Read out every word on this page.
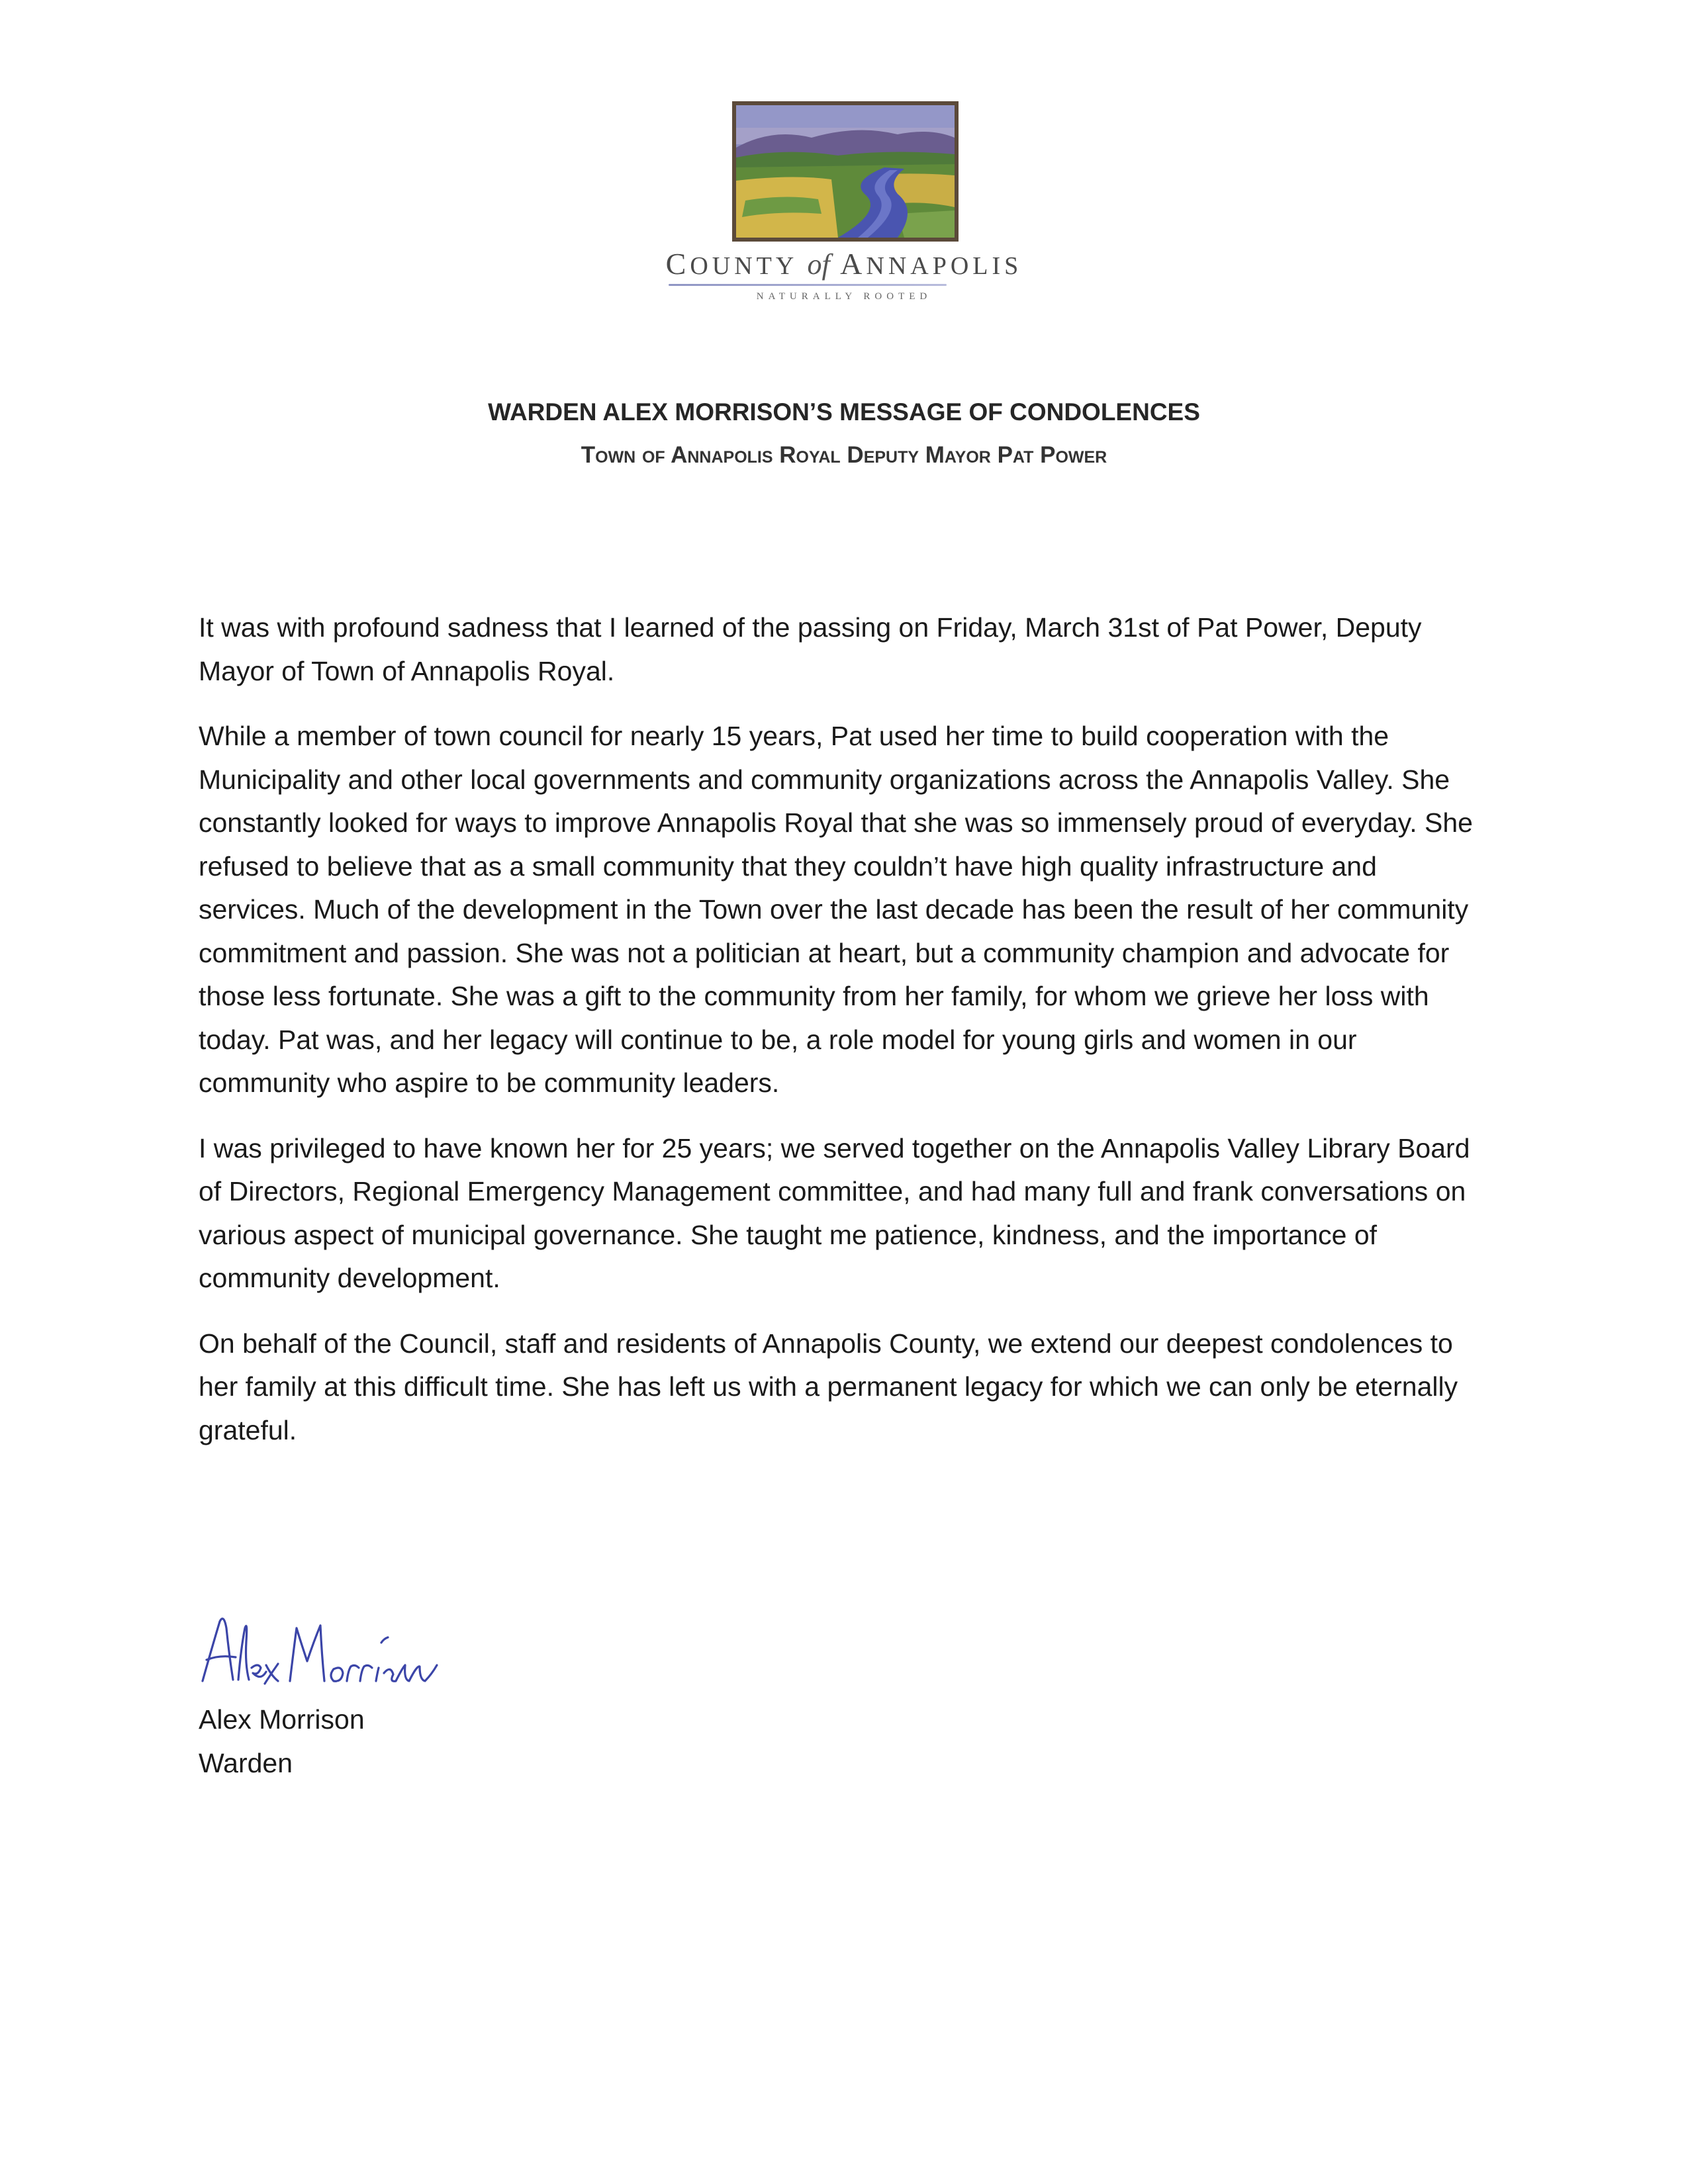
COUNTY of ANNAPOLIS
NATURALLY ROOTED
WARDEN ALEX MORRISON’S MESSAGE OF CONDOLENCES
Town of Annapolis Royal Deputy Mayor Pat Power

It was with profound sadness that I learned of the passing on Friday, March 31st of Pat Power, Deputy Mayor of Town of Annapolis Royal.

While a member of town council for nearly 15 years, Pat used her time to build cooperation with the Municipality and other local governments and community organizations across the Annapolis Valley. She constantly looked for ways to improve Annapolis Royal that she was so immensely proud of everyday. She refused to believe that as a small community that they couldn’t have high quality infrastructure and services. Much of the development in the Town over the last decade has been the result of her community commitment and passion. She was not a politician at heart, but a community champion and advocate for those less fortunate. She was a gift to the community from her family, for whom we grieve her loss with today. Pat was, and her legacy will continue to be, a role model for young girls and women in our community who aspire to be community leaders.

I was privileged to have known her for 25 years; we served together on the Annapolis Valley Library Board of Directors, Regional Emergency Management committee, and had many full and frank conversations on various aspect of municipal governance. She taught me patience, kindness, and the importance of community development.

On behalf of the Council, staff and residents of Annapolis County, we extend our deepest condolences to her family at this difficult time. She has left us with a permanent legacy for which we can only be eternally grateful.

Alex Morrison
Warden
